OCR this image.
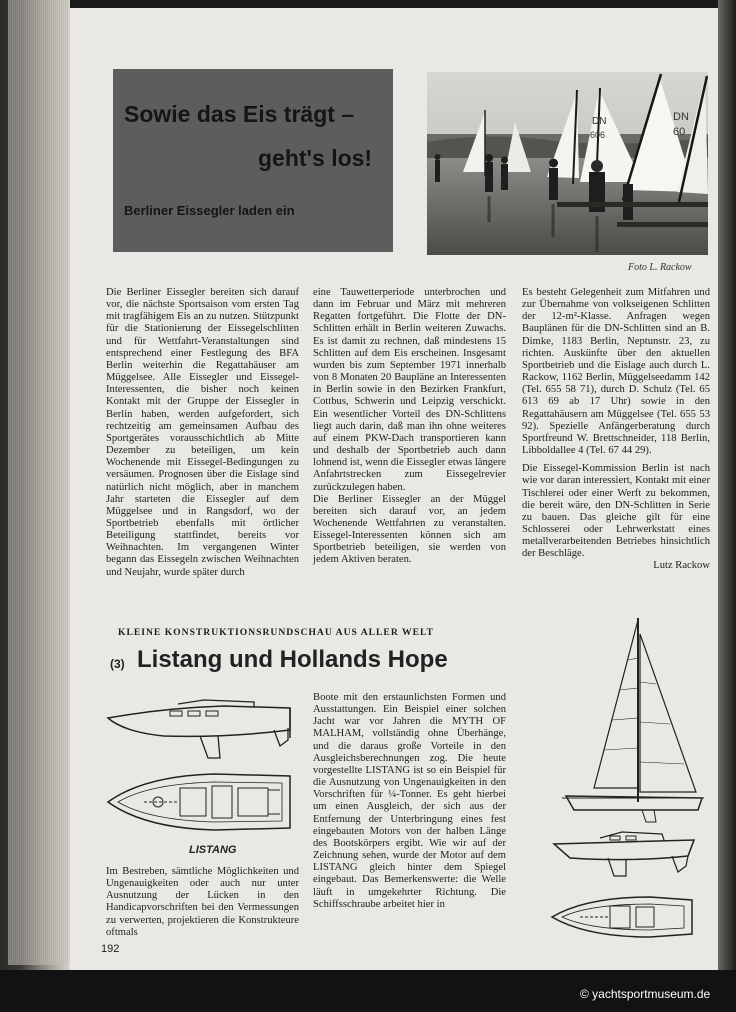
Sowie das Eis trägt –
geht's los!
Berliner Eissegler laden ein
DN
606
DN
60
Foto L. Rackow

Die Berliner Eissegler bereiten sich darauf vor, die nächste Sportsaison vom ersten Tag mit tragfähigem Eis an zu nutzen. Stützpunkt für die Stationierung der Eissegelschlitten und für Wettfahrt-Veranstaltungen sind entsprechend einer Festlegung des BFA Berlin weiterhin die Regattahäuser am Müggelsee. Alle Eissegler und Eissegel-Interessenten, die bisher noch keinen Kontakt mit der Gruppe der Eissegler in Berlin haben, werden aufgefordert, sich rechtzeitig am gemeinsamen Aufbau des Sportgerätes vorausschichtlich ab Mitte Dezember zu beteiligen, um kein Wochenende mit Eissegel-Bedingungen zu versäumen. Prognosen über die Eislage sind natürlich nicht möglich, aber in manchem Jahr starteten die Eissegler auf dem Müggelsee und in Rangsdorf, wo der Sportbetrieb ebenfalls mit örtlicher Beteiligung stattfindet, bereits vor Weihnachten. Im vergangenen Winter begann das Eissegeln zwischen Weihnachten und Neujahr, wurde später durch

eine Tauwetterperiode unterbrochen und dann im Februar und März mit mehreren Regatten fortgeführt. Die Flotte der DN-Schlitten erhält in Berlin weiteren Zuwachs. Es ist damit zu rechnen, daß mindestens 15 Schlitten auf dem Eis erscheinen. Insgesamt wurden bis zum September 1971 innerhalb von 8 Monaten 20 Baupläne an Interessenten in Berlin sowie in den Bezirken Frankfurt, Cottbus, Schwerin und Leipzig verschickt. Ein wesentlicher Vorteil des DN-Schlittens liegt auch darin, daß man ihn ohne weiteres auf einem PKW-Dach transportieren kann und deshalb der Sportbetrieb auch dann lohnend ist, wenn die Eissegler etwas längere Anfahrtstrecken zum Eissegelrevier zurückzulegen haben.

Die Berliner Eissegler an der Müggel bereiten sich darauf vor, an jedem Wochenende Wettfahrten zu veranstalten. Eissegel-Interessenten können sich am Sportbetrieb beteiligen, sie werden von jedem Aktiven beraten.

Es besteht Gelegenheit zum Mitfahren und zur Übernahme von volkseigenen Schlitten der 12-m²-Klasse. Anfragen wegen Bauplänen für die DN-Schlitten sind an B. Dimke, 1183 Berlin, Neptunstr. 23, zu richten. Auskünfte über den aktuellen Sportbetrieb und die Eislage auch durch L. Rackow, 1162 Berlin, Müggelseedamm 142 (Tel. 655 58 71), durch D. Schulz (Tel. 65 613 69 ab 17 Uhr) sowie in den Regattahäusern am Müggelsee (Tel. 655 53 92). Spezielle Anfängerberatung durch Sportfreund W. Brettschneider, 118 Berlin, Libboldallee 4 (Tel. 67 44 29).

Die Eissegel-Kommission Berlin ist nach wie vor daran interessiert, Kontakt mit einer Tischlerei oder einer Werft zu bekommen, die bereit wäre, den DN-Schlitten in Serie zu bauen. Das gleiche gilt für eine Schlosserei oder Lehrwerkstatt eines metallverarbeitenden Betriebes hinsichtlich der Beschläge.

Lutz Rackow

KLEINE KONSTRUKTIONSRUNDSCHAU AUS ALLER WELT
(3) Listang und Hollands Hope
LISTANG

Im Bestreben, sämtliche Möglichkeiten und Ungenauigkeiten oder auch nur unter Ausnutzung der Lücken in den Handicapvorschriften bei den Vermessungen zu verwerten, projektieren die Konstrukteure oftmals

Boote mit den erstaunlichsten Formen und Ausstattungen. Ein Beispiel einer solchen Jacht war vor Jahren die MYTH OF MALHAM, vollständig ohne Überhänge, und die daraus große Vorteile in den Ausgleichsberechnungen zog. Die heute vorgestellte LISTANG ist so ein Beispiel für die Ausnutzung von Ungenauigkeiten in den Vorschriften für ¼-Tonner. Es geht hierbei um einen Ausgleich, der sich aus der Entfernung der Unterbringung eines fest eingebauten Motors von der halben Länge des Bootskörpers ergibt. Wie wir auf der Zeichnung sehen, wurde der Motor auf dem LISTANG gleich hinter dem Spiegel eingebaut. Das Bemerkenswerte: die Welle läuft in umgekehrter Richtung. Die Schiffsschraube arbeitet hier in

192
© yachtsportmuseum.de
